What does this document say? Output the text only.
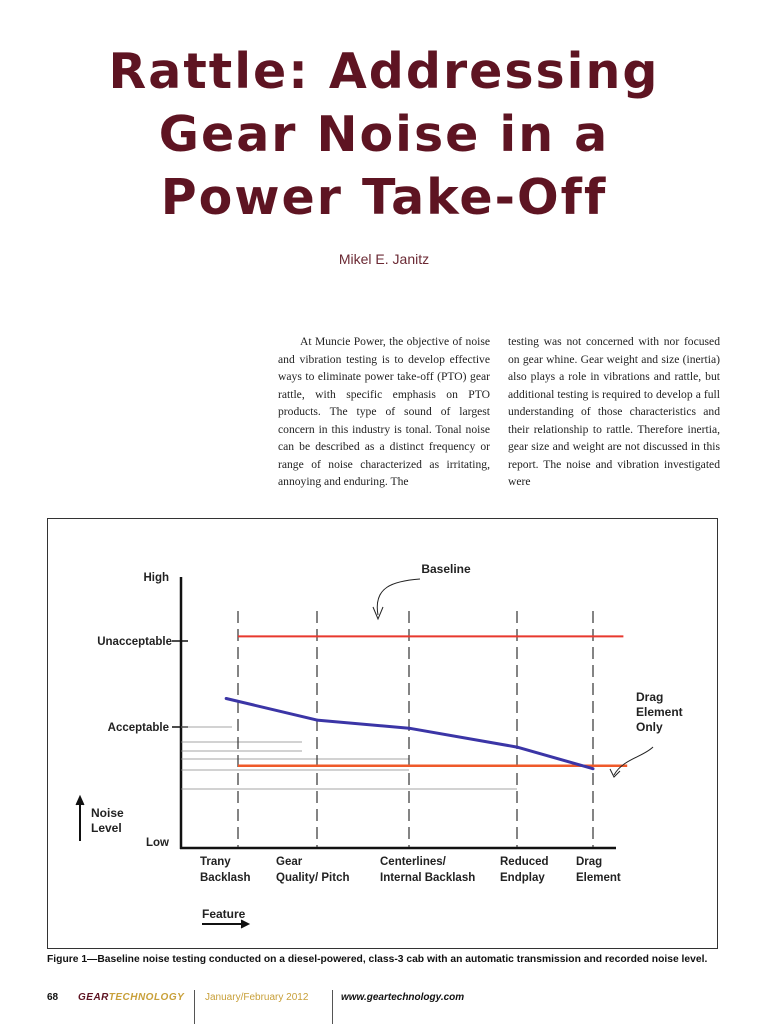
Rattle: Addressing
Gear Noise in a
Power Take-Off
Mikel E. Janitz

At Muncie Power, the objective of noise and vibration testing is to develop effective ways to eliminate power take-off (PTO) gear rattle, with specific emphasis on PTO products. The type of sound of largest concern in this industry is tonal. Tonal noise can be described as a distinct frequency or range of noise characterized as irritating, annoying and enduring. The

testing was not concerned with nor focused on gear whine. Gear weight and size (inertia) also plays a role in vibrations and rattle, but additional testing is required to develop a full understanding of those characteristics and their relationship to rattle. Therefore inertia, gear size and weight are not discussed in this report. The noise and vibration investigated were

High
Unacceptable
Acceptable
Low
Baseline
Drag
Element
Only
Trany
Backlash
Gear
Quality/ Pitch
Centerlines/
Internal Backlash
Reduced
Endplay
Drag
Element
Noise
Level
Feature

Figure 1—Baseline noise testing conducted on a diesel-powered, class-3 cab with an automatic transmission and recorded noise level.

68 GEARTECHNOLOGY January/February 2012	www.geartechnology.com
